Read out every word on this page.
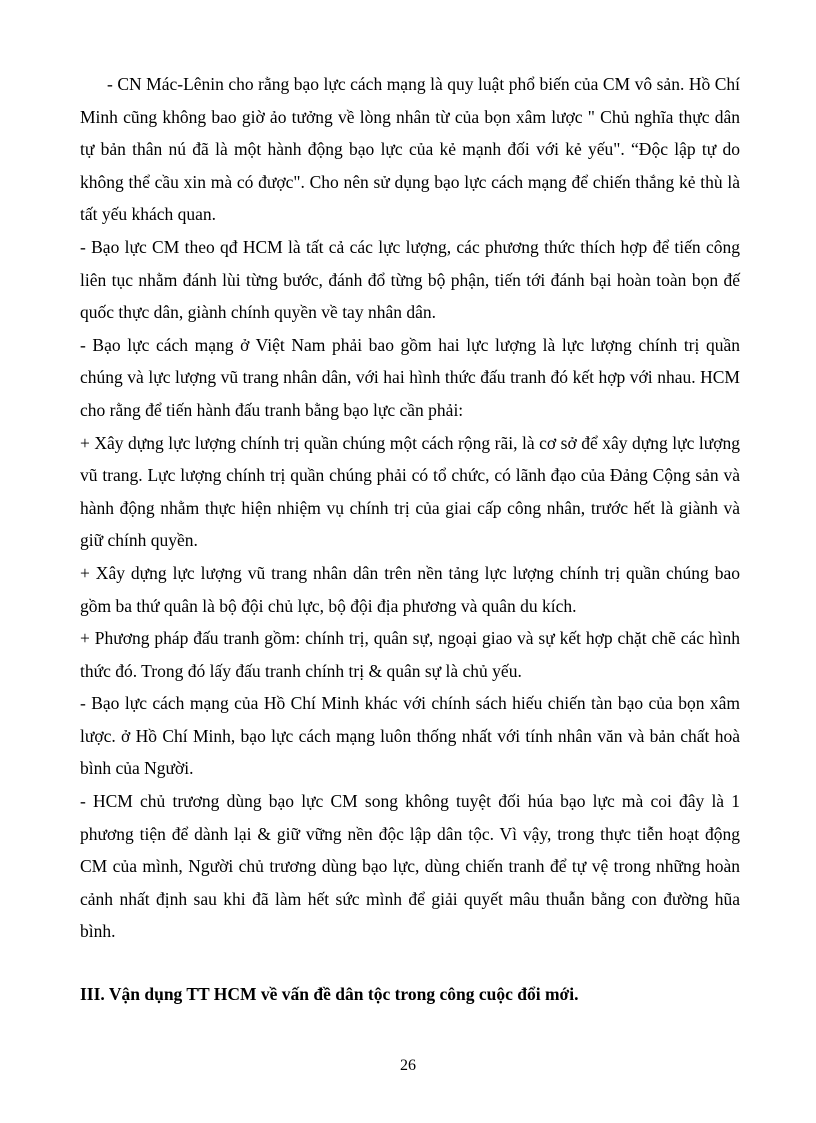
- CN Mác-Lênin cho rằng bạo lực cách mạng là quy luật phổ biến của CM vô sản. Hồ Chí Minh cũng không bao giờ ảo tưởng về lòng nhân từ của bọn xâm lược " Chủ nghĩa thực dân tự bản thân nú đã là một hành động bạo lực của kẻ mạnh đối với kẻ yếu". “Độc lập tự do không thể cầu xin mà có được". Cho nên sử dụng bạo lực cách mạng để chiến thắng kẻ thù là tất yếu khách quan.

- Bạo lực CM theo qđ HCM là tất cả các lực lượng, các phương thức thích hợp để tiến công liên tục nhằm đánh lùi từng bước, đánh đổ từng bộ phận, tiến tới đánh bại hoàn toàn bọn đế quốc thực dân, giành chính quyền về tay nhân dân.

- Bạo lực cách mạng ở Việt Nam phải bao gồm hai lực lượng là lực lượng chính trị quần chúng và lực lượng vũ trang nhân dân, với hai hình thức đấu tranh đó kết hợp với nhau. HCM cho rằng để tiến hành đấu tranh bằng bạo lực cần phải:

+ Xây dựng lực lượng chính trị quần chúng một cách rộng rãi, là cơ sở để xây dựng lực lượng vũ trang. Lực lượng chính trị quần chúng phải có tổ chức, có lãnh đạo của Đảng Cộng sản và hành động nhằm thực hiện nhiệm vụ chính trị của giai cấp công nhân, trước hết là giành và giữ chính quyền.

+ Xây dựng lực lượng vũ trang nhân dân trên nền tảng lực lượng chính trị quần chúng bao gồm ba thứ quân là bộ đội chủ lực, bộ đội địa phương và quân du kích.

+ Phương pháp đấu tranh gồm: chính trị, quân sự, ngoại giao và sự kết hợp chặt chẽ các hình thức đó. Trong đó lấy đấu tranh chính trị & quân sự là chủ yếu.

- Bạo lực cách mạng của Hồ Chí Minh khác với chính sách hiếu chiến tàn bạo của bọn xâm lược. ở Hồ Chí Minh, bạo lực cách mạng luôn thống nhất với tính nhân văn và bản chất hoà bình của Người.

- HCM chủ trương dùng bạo lực CM song không tuyệt đối húa bạo lực mà coi đây là 1 phương tiện để dành lại & giữ vững nền độc lập dân tộc. Vì vậy, trong thực tiễn hoạt động CM của mình, Người chủ trương dùng bạo lực, dùng chiến tranh để tự vệ trong những hoàn cảnh nhất định sau khi đã làm hết sức mình để giải quyết mâu thuẫn bằng con đường hũa bình.

III. Vận dụng TT HCM về vấn đề dân tộc trong công cuộc đổi mới.

26
